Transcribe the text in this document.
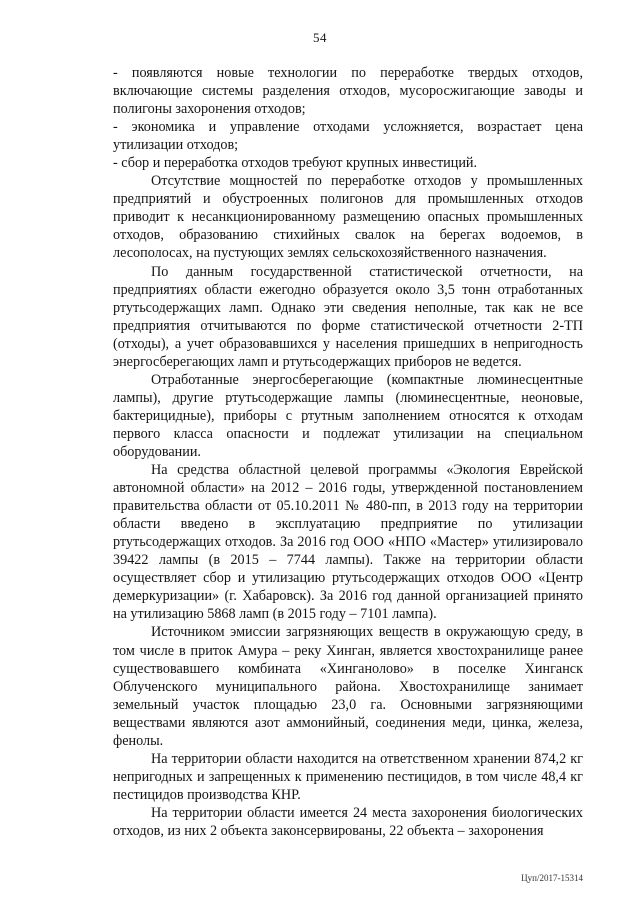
54

- появляются новые технологии по переработке твердых отходов, включающие системы разделения отходов, мусоросжигающие заводы и полигоны захоронения отходов;

- экономика и управление отходами усложняется, возрастает цена утилизации отходов;

- сбор и переработка отходов требуют крупных инвестиций.

Отсутствие мощностей по переработке отходов у промышленных предприятий и обустроенных полигонов для промышленных отходов приводит к несанкционированному размещению опасных промышленных отходов, образованию стихийных свалок на берегах водоемов, в лесополосах, на пустующих землях сельскохозяйственного назначения.

По данным государственной статистической отчетности, на предприятиях области ежегодно образуется около 3,5 тонн отработанных ртутьсодержащих ламп. Однако эти сведения неполные, так как не все предприятия отчитываются по форме статистической отчетности 2-ТП (отходы), а учет образовавшихся у населения пришедших в непригодность энергосберегающих ламп и ртутьсодержащих приборов не ведется.

Отработанные энергосберегающие (компактные люминесцентные лампы), другие ртутьсодержащие лампы (люминесцентные, неоновые, бактерицидные), приборы с ртутным заполнением относятся к отходам первого класса опасности и подлежат утилизации на специальном оборудовании.

На средства областной целевой программы «Экология Еврейской автономной области» на 2012 – 2016 годы, утвержденной постановлением правительства области от 05.10.2011 № 480-пп, в 2013 году на территории области введено в эксплуатацию предприятие по утилизации ртутьсодержащих отходов. За 2016 год ООО «НПО «Мастер» утилизировало 39422 лампы (в 2015 – 7744 лампы). Также на территории области осуществляет сбор и утилизацию ртутьсодержащих отходов ООО «Центр демеркуризации» (г. Хабаровск). За 2016 год данной организацией принято на утилизацию 5868 ламп (в 2015 году – 7101 лампа).

Источником эмиссии загрязняющих веществ в окружающую среду, в том числе в приток Амура – реку Хинган, является хвостохранилище ранее существовавшего комбината «Хинганолово» в поселке Хинганск Облученского муниципального района. Хвостохранилище занимает земельный участок площадью 23,0 га. Основными загрязняющими веществами являются азот аммонийный, соединения меди, цинка, железа, фенолы.

На территории области находится на ответственном хранении 874,2 кг непригодных и запрещенных к применению пестицидов, в том числе 48,4 кг пестицидов производства КНР.

На территории области имеется 24 места захоронения биологических отходов, из них 2 объекта законсервированы, 22 объекта – захоронения

Цуп/2017-15314
